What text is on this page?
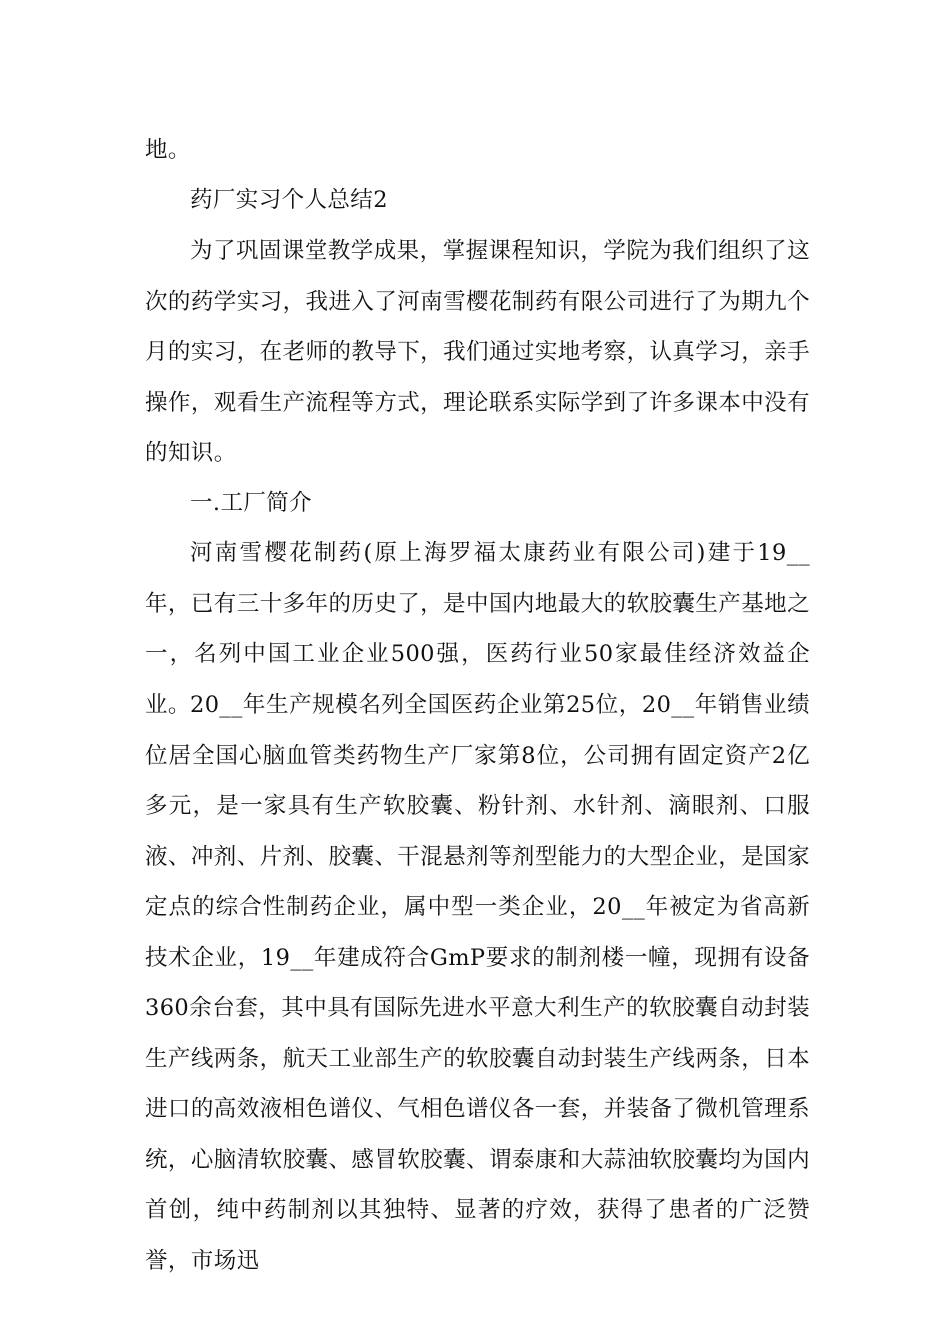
地。

药厂实习个人总结2

为了巩固课堂教学成果，掌握课程知识，学院为我们组织了这次的药学实习，我进入了河南雪樱花制药有限公司进行了为期九个月的实习，在老师的教导下，我们通过实地考察，认真学习，亲手操作，观看生产流程等方式，理论联系实际学到了许多课本中没有的知识。

一.工厂简介

河南雪樱花制药(原上海罗福太康药业有限公司)建于19__年，已有三十多年的历史了，是中国内地最大的软胶囊生产基地之一，名列中国工业企业500强，医药行业50家最佳经济效益企业。 20__年生产规模名列全国医药企业第25位，20__年销售业绩位居全国心脑血管类药物生产厂家第8位，公司拥有固定资产2亿多元，是一家具有生产软胶囊、粉针剂、水针剂、滴眼剂、口服液、冲剂、片剂、胶囊、干混悬剂等剂型能力的大型企业，是国家定点的综合性制药企业，属中型一类企业，20__年被定为省高新技术企业，19__年建成符合GmP要求的制剂楼一幢，现拥有设备360余台套，其中具有国际先进水平意大利生产的软胶囊自动封装生产线两条，航天工业部生产的软胶囊自动封装生产线两条，日本进口的高效液相色谱仪、气相色谱仪各一套，并装备了微机管理系统，心脑清软胶囊、感冒软胶囊、谓泰康和大蒜油软胶囊均为国内首创，纯中药制剂以其独特、显著的疗效，获得了患者的广泛赞誉，市场迅
